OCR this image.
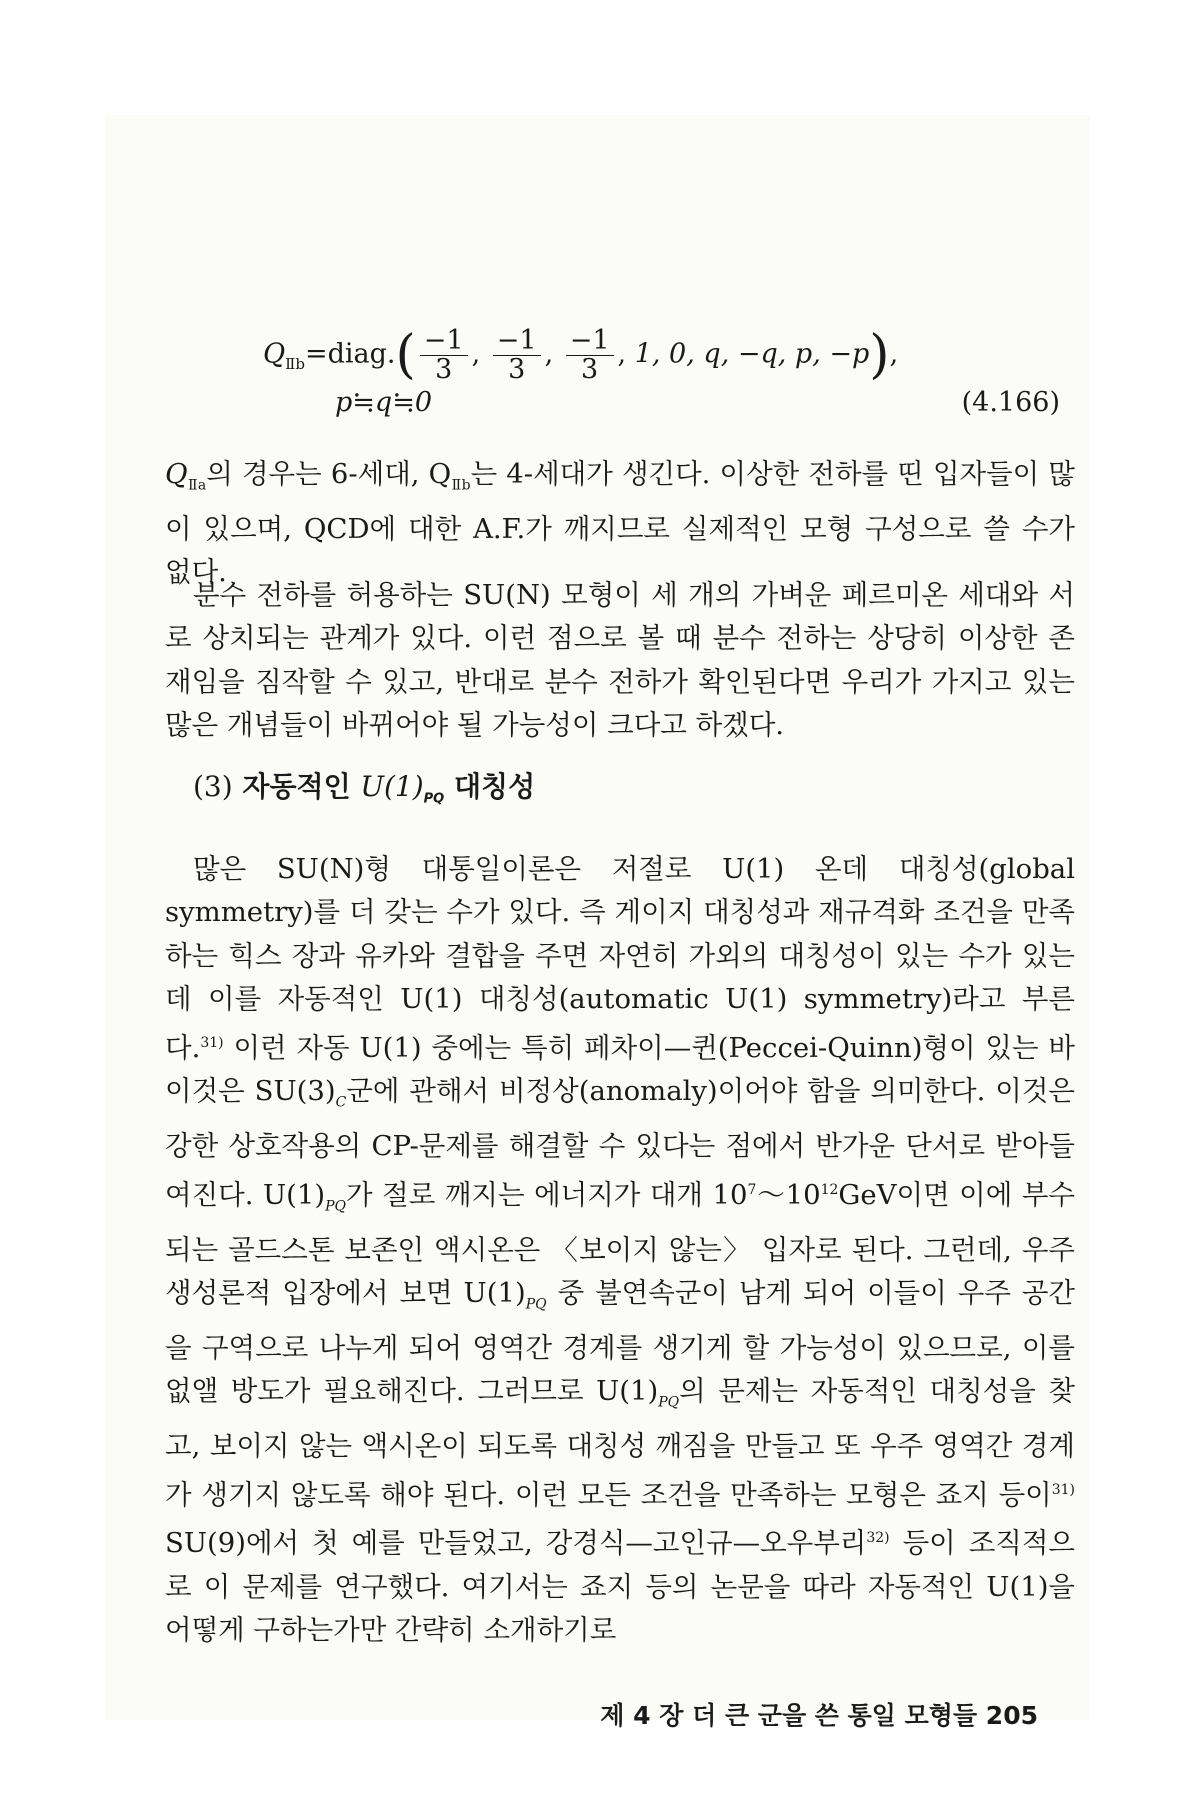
$Q_{Ⅱb}=diag.( \frac{-1}{3}$ , $\frac{-1}{3}$ , $\frac{-1}{3}$ , 1, 0, q, −q, p, −p),
p≒q≒0	(4.166)

$Q_{Ⅱa}$의 경우는 6-세대, $Q_{Ⅱb}$는 4-세대가 생긴다. 이상한 전하를 띤 입자들이 많이 있으며, QCD에 대한 A.F.가 깨지므로 실제적인 모형 구성으로 쓸 수가 없다.

분수 전하를 허용하는 SU(N) 모형이 세 개의 가벼운 페르미온 세대와 서로 상치되는 관계가 있다. 이런 점으로 볼 때 분수 전하는 상당히 이상한 존재임을 짐작할 수 있고, 반대로 분수 전하가 확인된다면 우리가 가지고 있는 많은 개념들이 바뀌어야 될 가능성이 크다고 하겠다.

(3) 자동적인 $U(1)_{PQ}$ 대칭성

많은 SU(N)형 대통일이론은 저절로 U(1) 온데 대칭성(global symmetry)를 더 갖는 수가 있다. 즉 게이지 대칭성과 재규격화 조건을 만족하는 힉스 장과 유카와 결합을 주면 자연히 가외의 대칭성이 있는 수가 있는데 이를 자동적인 U(1) 대칭성(automatic U(1) symmetry)라고 부른다.$^{31)}$ 이런 자동 U(1) 중에는 특히 페차이—퀸(Peccei-Quinn)형이 있는 바 이것은 $SU(3)_C$군에 관해서 비정상(anomaly)이어야 함을 의미한다. 이것은 강한 상호작용의 CP-문제를 해결할 수 있다는 점에서 반가운 단서로 받아들여진다. $U(1)_{PQ}$가 절로 깨지는 에너지가 대개 $10^7\sim 10^{12}GeV$이면 이에 부수되는 골드스톤 보존인 액시온은 〈보이지 않는〉 입자로 된다. 그런데, 우주 생성론적 입장에서 보면 $U(1)_{PQ}$ 중 불연속군이 남게 되어 이들이 우주 공간을 구역으로 나누게 되어 영역간 경계를 생기게 할 가능성이 있으므로, 이를 없앨 방도가 필요해진다. 그러므로 $U(1)_{PQ}$의 문제는 자동적인 대칭성을 찾고, 보이지 않는 액시온이 되도록 대칭성 깨짐을 만들고 또 우주 영역간 경계가 생기지 않도록 해야 된다. 이런 모든 조건을 만족하는 모형은 죠지 등이$^{31)}$ SU(9)에서 첫 예를 만들었고, 강경식—고인규—오우부리$^{32)}$ 등이 조직적으로 이 문제를 연구했다. 여기서는 죠지 등의 논문을 따라 자동적인 U(1)을 어떻게 구하는가만 간략히 소개하기로

제 4 장 더 큰 군을 쓴 통일 모형들 205
